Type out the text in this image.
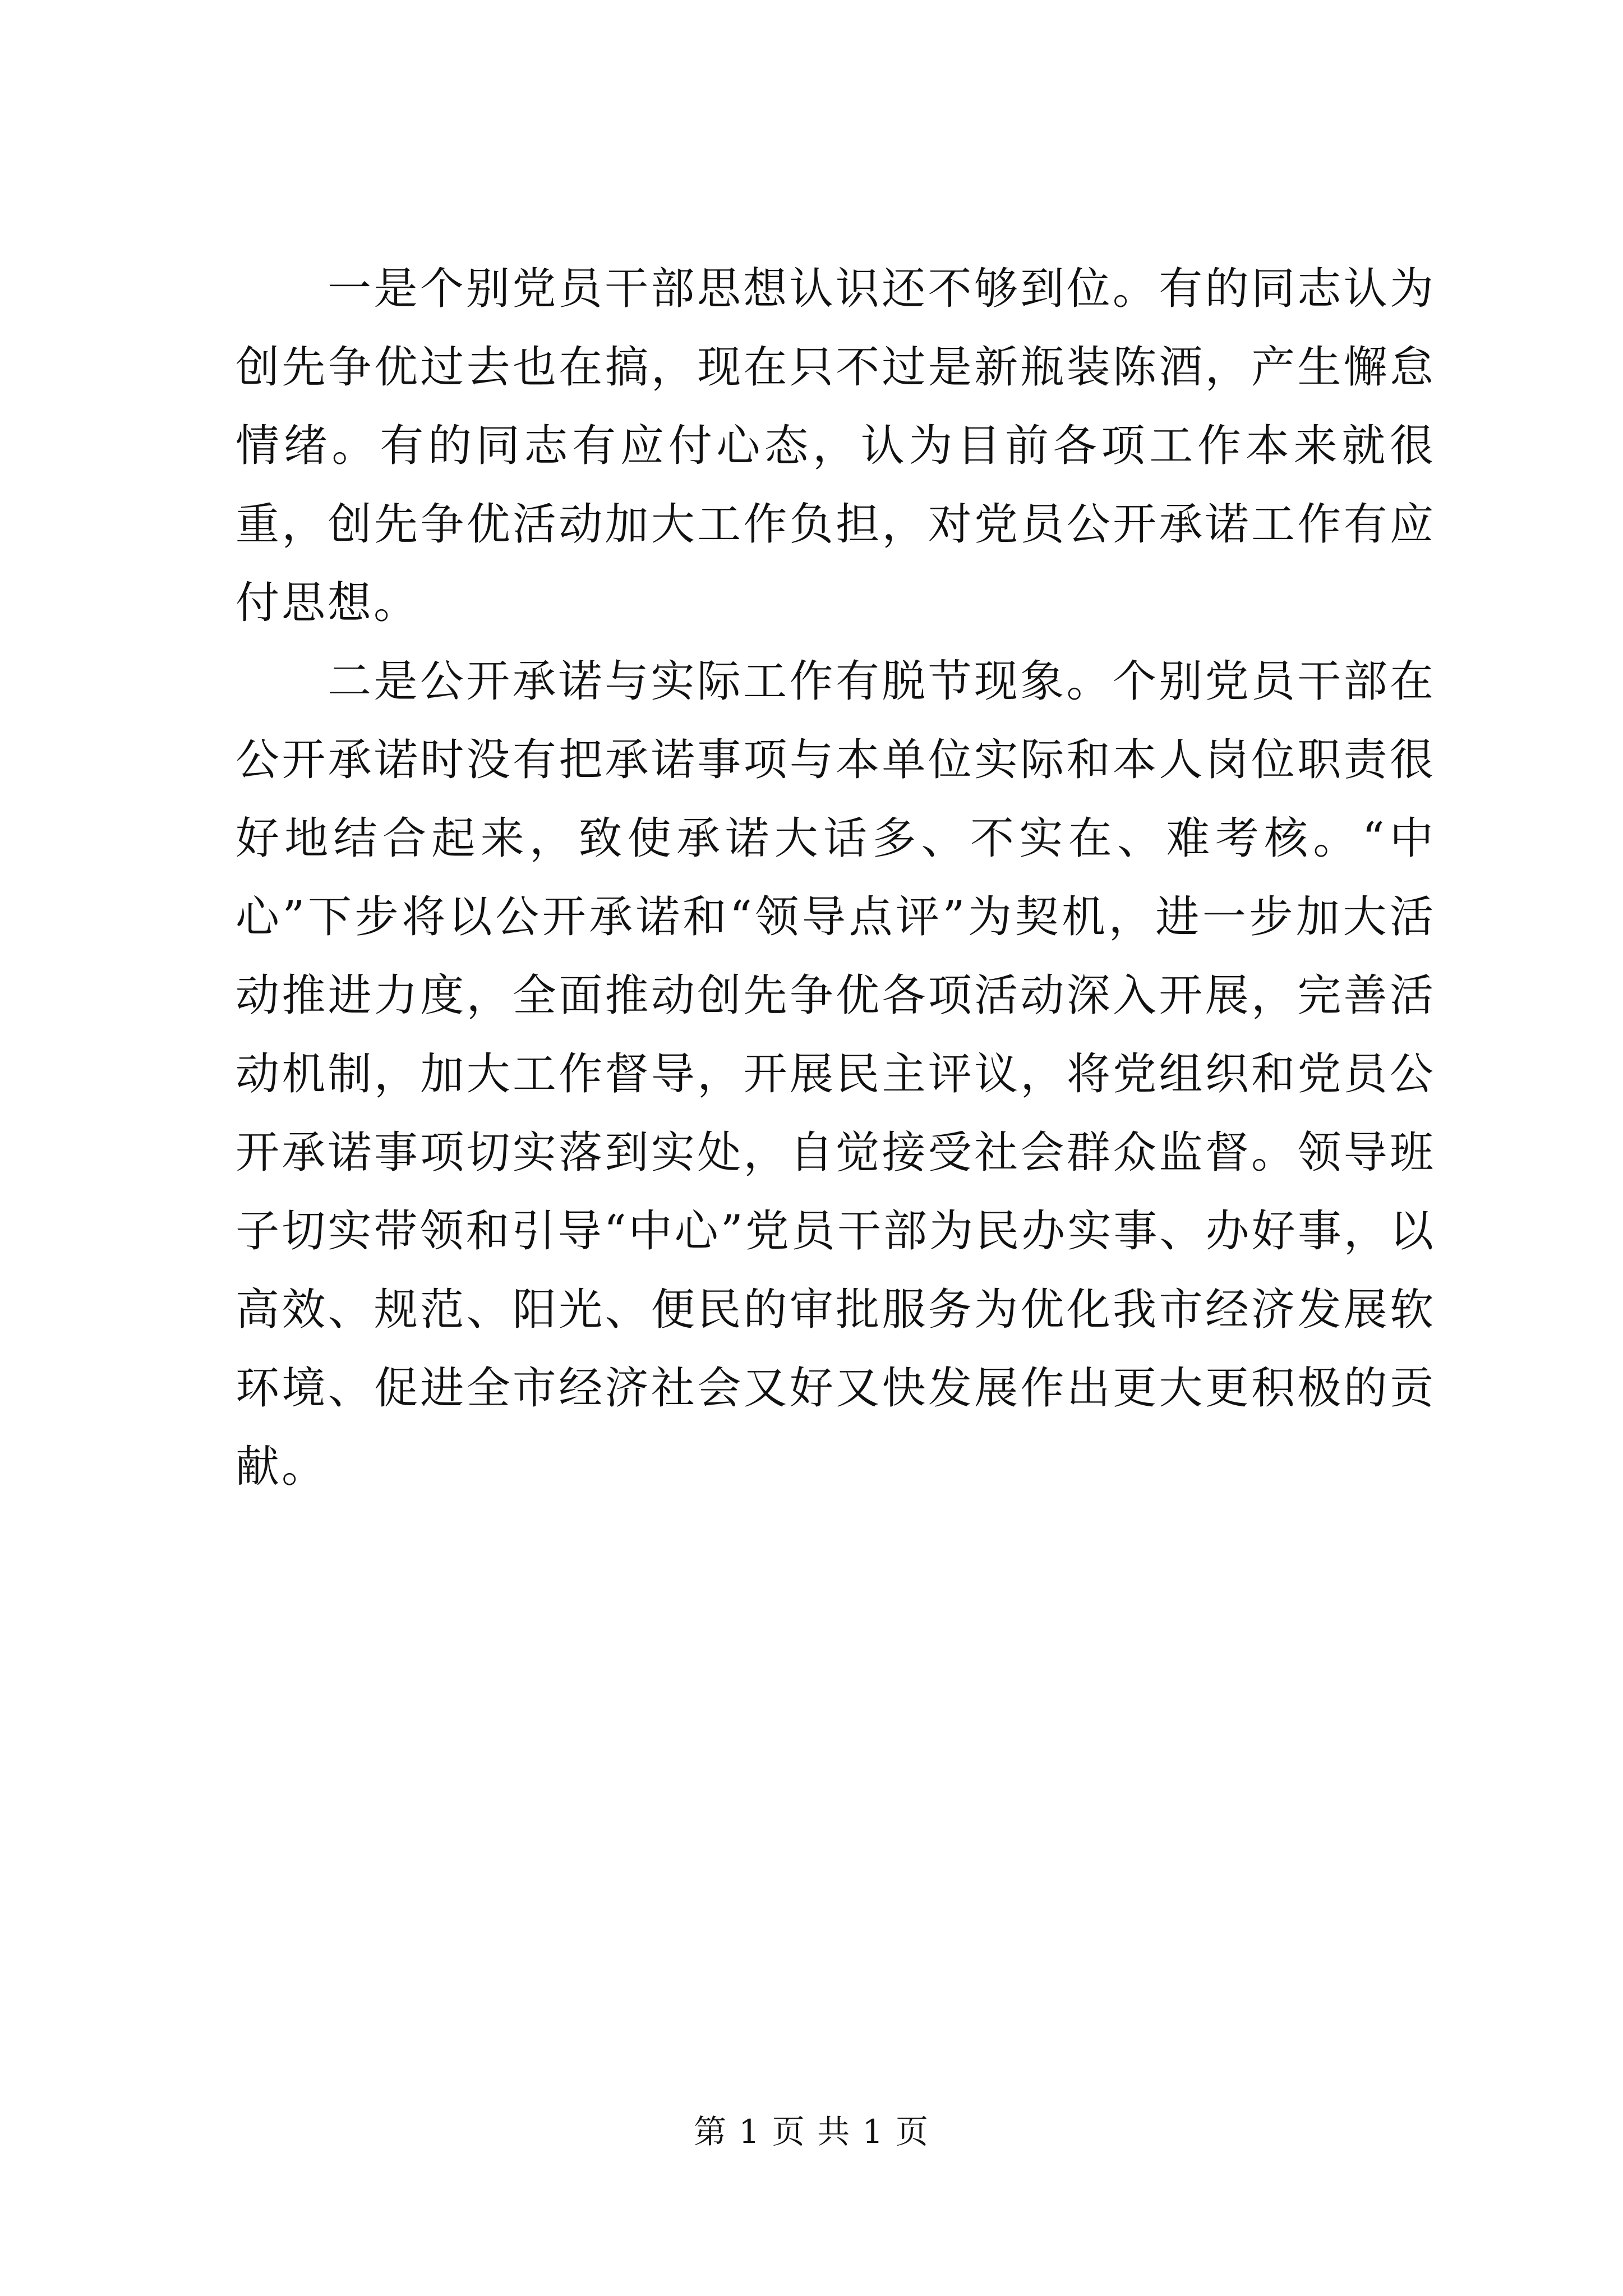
一是个别党员干部思想认识还不够到位。有的同志认为创先争优过去也在搞，现在只不过是新瓶装陈酒，产生懈怠情绪。有的同志有应付心态，认为目前各项工作本来就很重，创先争优活动加大工作负担，对党员公开承诺工作有应付思想。

二是公开承诺与实际工作有脱节现象。个别党员干部在公开承诺时没有把承诺事项与本单位实际和本人岗位职责很好地结合起来，致使承诺大话多、不实在、难考核。“中心”下步将以公开承诺和“领导点评”为契机，进一步加大活动推进力度，全面推动创先争优各项活动深入开展，完善活动机制，加大工作督导，开展民主评议，将党组织和党员公开承诺事项切实落到实处，自觉接受社会群众监督。领导班子切实带领和引导“中心”党员干部为民办实事、办好事，以高效、规范、阳光、便民的审批服务为优化我市经济发展软环境、促进全市经济社会又好又快发展作出更大更积极的贡献。

第 1 页 共 1 页
